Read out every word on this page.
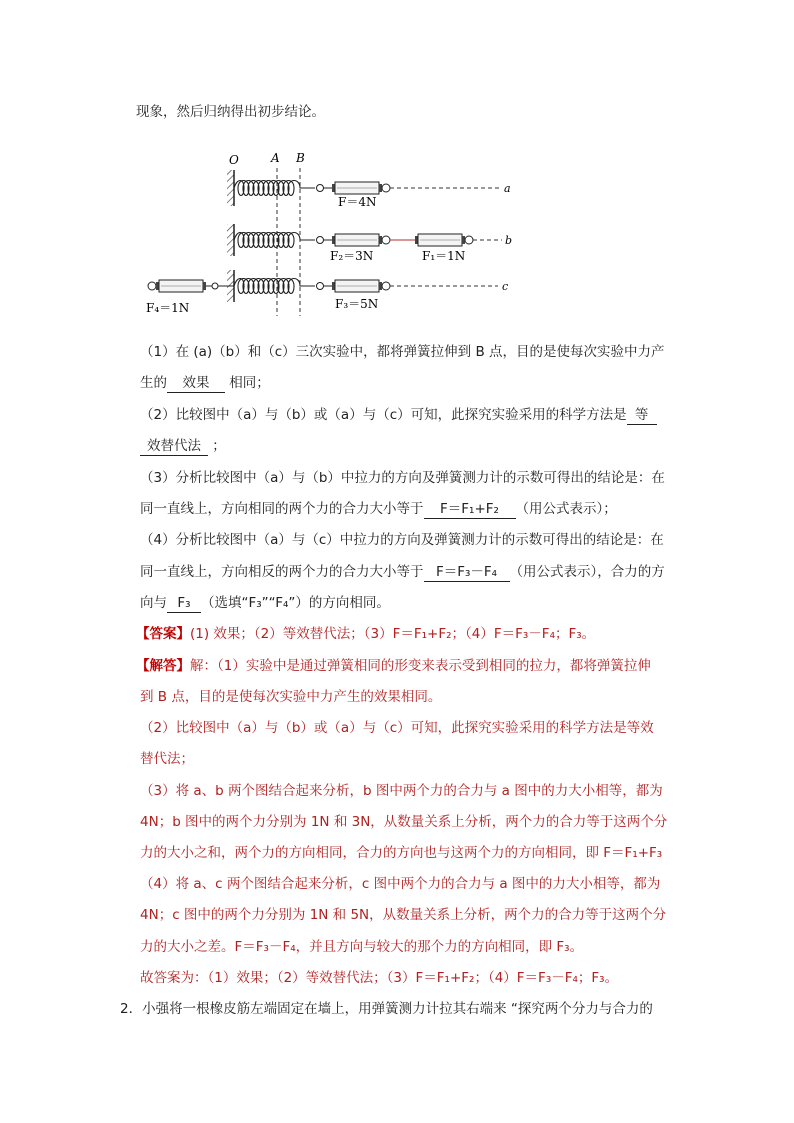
现象，然后归纳得出初步结论。
O	A B
a
F＝4N
b
F₂＝3N	F₁＝1N
F₄＝1N
c
F₃＝5N
（1）在 (a)（b）和（c）三次实验中，都将弹簧拉伸到 B 点，目的是使每次实验中力产
生的 效果 相同；
（2）比较图中（a）与（b）或（a）与（c）可知，此探究实验采用的科学方法是 等
效替代法 ；
（3）分析比较图中（a）与（b）中拉力的方向及弹簧测力计的示数可得出的结论是：在
同一直线上，方向相同的两个力的合力大小等于 F＝F₁+F₂ （用公式表示）；
（4）分析比较图中（a）与（c）中拉力的方向及弹簧测力计的示数可得出的结论是：在
同一直线上，方向相反的两个力的合力大小等于 F＝F₃－F₄ （用公式表示），合力的方
向与 F₃ （选填“F₃”“F₄”）的方向相同。
【答案】(1) 效果；（2）等效替代法；（3）F＝F₁+F₂；（4）F＝F₃－F₄；F₃。
【解答】解：（1）实验中是通过弹簧相同的形变来表示受到相同的拉力，都将弹簧拉伸
到 B 点，目的是使每次实验中力产生的效果相同。
（2）比较图中（a）与（b）或（a）与（c）可知，此探究实验采用的科学方法是等效
替代法；
（3）将 a、b 两个图结合起来分析，b 图中两个力的合力与 a 图中的力大小相等，都为
4N；b 图中的两个力分别为 1N 和 3N，从数量关系上分析，两个力的合力等于这两个分
力的大小之和，两个力的方向相同，合力的方向也与这两个力的方向相同，即 F＝F₁+F₃
（4）将 a、c 两个图结合起来分析，c 图中两个力的合力与 a 图中的力大小相等，都为
4N；c 图中的两个力分别为 1N 和 5N，从数量关系上分析，两个力的合力等于这两个分
力的大小之差。F＝F₃－F₄，并且方向与较大的那个力的方向相同，即 F₃。
故答案为：（1）效果；（2）等效替代法；（3）F＝F₁+F₂；（4）F＝F₃－F₄；F₃。
2．小强将一根橡皮筋左端固定在墙上，用弹簧测力计拉其右端来 “探究两个分力与合力的
